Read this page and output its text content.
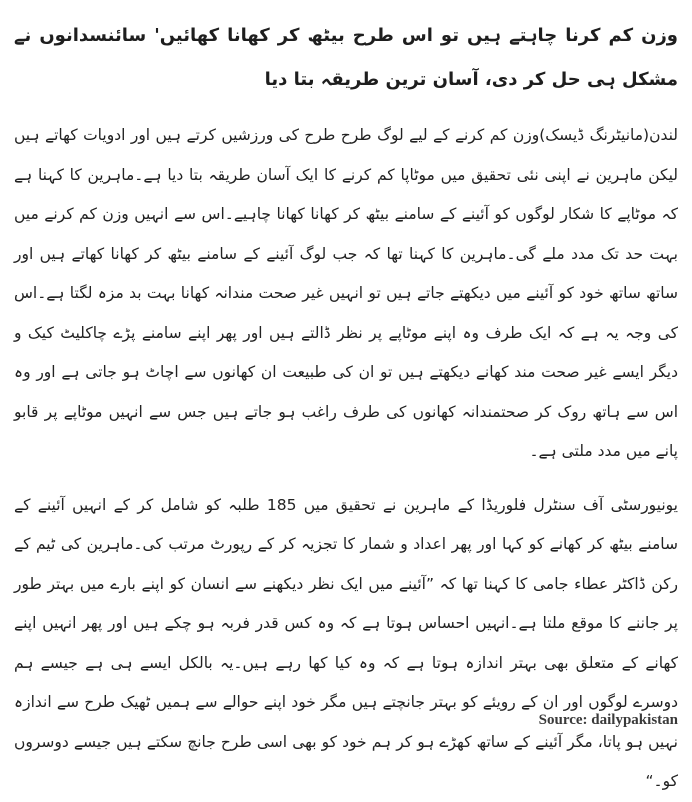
وزن کم کرنا چاہتے ہیں تو اس طرح بیٹھ کر کھانا کھائیں' سائنسدانوں نے مشکل ہی حل کر دی، آسان ترین طریقہ بتا دیا

لندن(مانیٹرنگ ڈیسک)وزن کم کرنے کے لیے لوگ طرح طرح کی ورزشیں کرتے ہیں اور ادویات کھاتے ہیں لیکن ماہرین نے اپنی نئی تحقیق میں موٹاپا کم کرنے کا ایک آسان طریقہ بتا دیا ہے۔ماہرین کا کہنا ہے کہ موٹاپے کا شکار لوگوں کو آئینے کے سامنے بیٹھ کر کھانا کھانا چاہیے۔اس سے انہیں وزن کم کرنے میں بہت حد تک مدد ملے گی۔ماہرین کا کہنا تھا کہ جب لوگ آئینے کے سامنے بیٹھ کر کھانا کھاتے ہیں اور ساتھ ساتھ خود کو آئینے میں دیکھتے جاتے ہیں تو انہیں غیر صحت مندانہ کھانا بہت بد مزہ لگتا ہے۔اس کی وجہ یہ ہے کہ ایک طرف وہ اپنے موٹاپے پر نظر ڈالتے ہیں اور پھر اپنے سامنے پڑے چاکلیٹ کیک و دیگر ایسے غیر صحت مند کھانے دیکھتے ہیں تو ان کی طبیعت ان کھانوں سے اچاٹ ہو جاتی ہے اور وہ اس سے ہاتھ روک کر صحتمندانہ کھانوں کی طرف راغب ہو جاتے ہیں جس سے انہیں موٹاپے پر قابو پانے میں مدد ملتی ہے۔

یونیورسٹی آف سنٹرل فلوریڈا کے ماہرین نے تحقیق میں 185 طلبہ کو شامل کر کے انہیں آئینے کے سامنے بیٹھ کر کھانے کو کہا اور پھر اعداد و شمار کا تجزیہ کر کے رپورٹ مرتب کی۔ماہرین کی ٹیم کے رکن ڈاکٹر عطاء جامی کا کہنا تھا کہ ”آئینے میں ایک نظر دیکھنے سے انسان کو اپنے بارے میں بہتر طور پر جاننے کا موقع ملتا ہے۔انہیں احساس ہوتا ہے کہ وہ کس قدر فربہ ہو چکے ہیں اور پھر انہیں اپنے کھانے کے متعلق بھی بہتر اندازہ ہوتا ہے کہ وہ کیا کھا رہے ہیں۔یہ بالکل ایسے ہی ہے جیسے ہم دوسرے لوگوں اور ان کے رویئے کو بہتر جانچتے ہیں مگر خود اپنے حوالے سے ہمیں ٹھیک طرح سے اندازہ نہیں ہو پاتا، مگر آئینے کے ساتھ کھڑے ہو کر ہم خود کو بھی اسی طرح جانچ سکتے ہیں جیسے دوسروں کو۔“

Source: dailypakistan
